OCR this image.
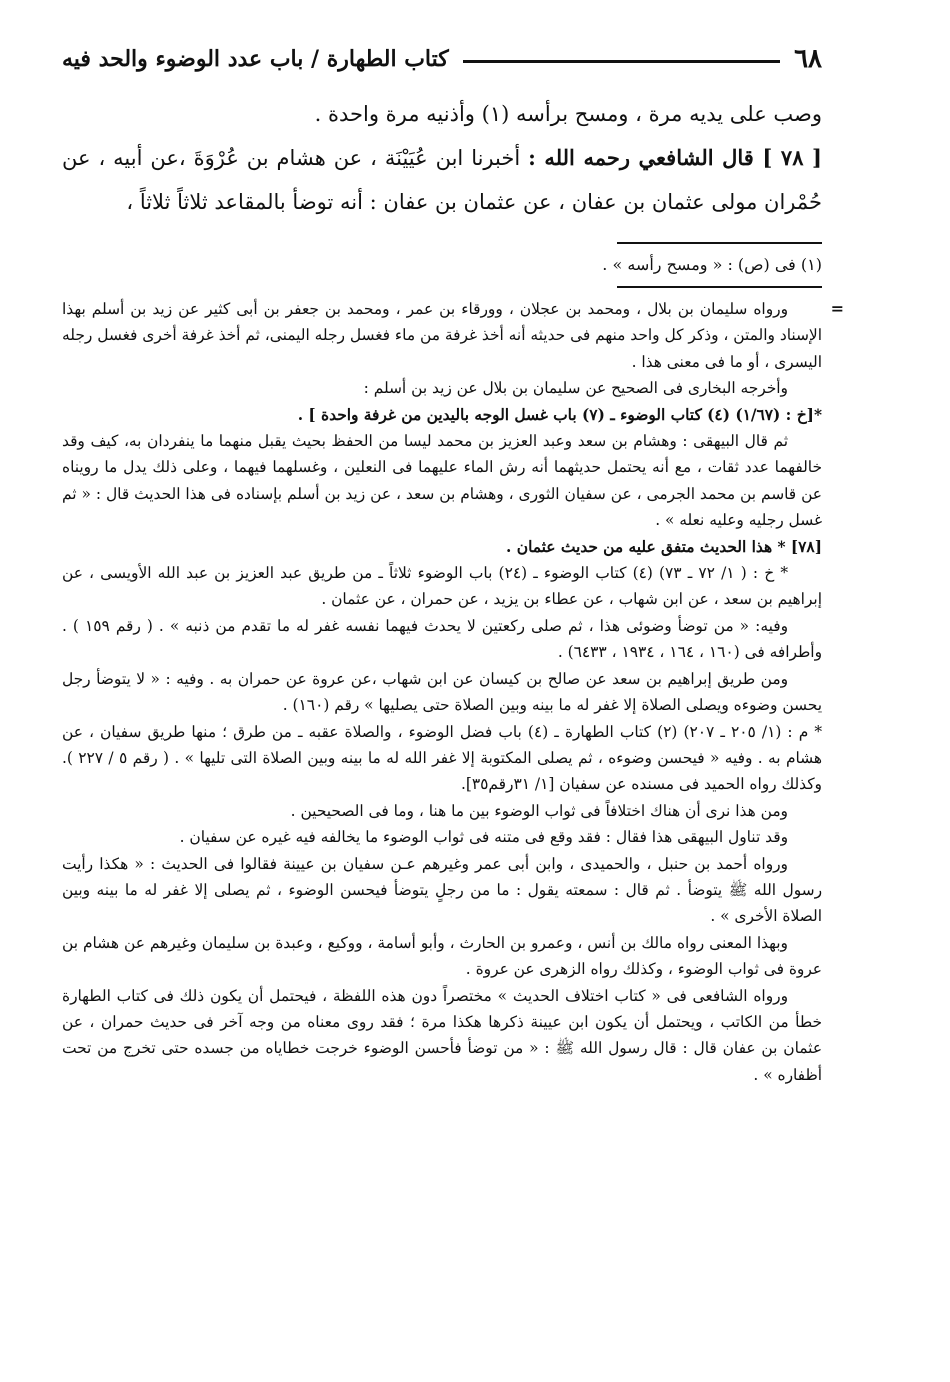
٦٨
كتاب الطهارة / باب عدد الوضوء والحد فيه

وصب على يديه مرة ، ومسح برأسه (١) وأذنيه مرة واحدة .

[ ٧٨ ] قال الشافعي رحمه الله : أخبرنا ابن عُيَيْنَة ، عن هشام بن عُرْوَةَ ،عن أبيه ، عن حُمْران مولى عثمان بن عفان ، عن عثمان بن عفان : أنه توضأ بالمقاعد ثلاثاً ثلاثاً ،

(١) فى (ص) : « ومسح رأسه » .
=

ورواه سليمان بن بلال ، ومحمد بن عجلان ، وورقاء بن عمر ، ومحمد بن جعفر بن أبى كثير عن زيد بن أسلم بهذا الإسناد والمتن ، وذكر كل واحد منهم فى حديثه أنه أخذ غرفة من ماء فغسل رجله اليمنى، ثم أخذ غرفة أخرى فغسل رجله اليسرى ، أو ما فى معنى هذا .

وأخرجه البخارى فى الصحيح عن سليمان بن بلال عن زيد بن أسلم :

*[خ : (١/٦٧) (٤) كتاب الوضوء ـ (٧) باب غسل الوجه باليدين من غرفة واحدة ] .

ثم قال البيهقى : وهشام بن سعد وعبد العزيز بن محمد ليسا من الحفظ بحيث يقبل منهما ما ينفردان به، كيف وقد خالفهما عدد ثقات ، مع أنه يحتمل حديثهما أنه رش الماء عليهما فى النعلين ، وغسلهما فيهما ، وعلى ذلك يدل ما رويناه عن قاسم بن محمد الجرمى ، عن سفيان الثورى ، وهشام بن سعد ، عن زيد بن أسلم بإسناده فى هذا الحديث قال : « ثم غسل رجليه وعليه نعله » .

[٧٨] * هذا الحديث متفق عليه من حديث عثمان .

* خ : ( ١/ ٧٢ ـ ٧٣) (٤) كتاب الوضوء ـ (٢٤) باب الوضوء ثلاثاً ـ من طريق عبد العزيز بن عبد الله الأويسى ، عن إبراهيم بن سعد ، عن ابن شهاب ، عن عطاء بن يزيد ، عن حمران ، عن عثمان .

وفيه: « من توضأ وضوئى هذا ، ثم صلى ركعتين لا يحدث فيهما نفسه غفر له ما تقدم من ذنبه » . ( رقم ١٥٩ ) . وأطرافه فى (١٦٠ ، ١٦٤ ، ١٩٣٤ ، ٦٤٣٣) .

ومن طريق إبراهيم بن سعد عن صالح بن كيسان عن ابن شهاب ،عن عروة عن حمران به . وفيه : « لا يتوضأ رجل يحسن وضوءه ويصلى الصلاة إلا غفر له ما بينه وبين الصلاة حتى يصليها » رقم (١٦٠) .

* م : (١/ ٢٠٥ ـ ٢٠٧) (٢) كتاب الطهارة ـ (٤) باب فضل الوضوء ، والصلاة عقبه ـ من طرق ؛ منها طريق سفيان ، عن هشام به . وفيه « فيحسن وضوءه ، ثم يصلى المكتوبة إلا غفر الله له ما بينه وبين الصلاة التى تليها » . ( رقم ٥ / ٢٢٧ ). وكذلك رواه الحميد فى مسنده عن سفيان [١/ ٣١رقم٣٥].

ومن هذا نرى أن هناك اختلافاً فى ثواب الوضوء بين ما هنا ، وما فى الصحيحين .

وقد تناول البيهقى هذا فقال : فقد وقع فى متنه فى ثواب الوضوء ما يخالفه فيه غيره عن سفيان .

ورواه أحمد بن حنبل ، والحميدى ، وابن أبى عمر وغيرهم عـن سفيان بن عيينة فقالوا فى الحديث : « هكذا رأيت رسول الله ﷺ يتوضأ . ثم قال : سمعته يقول : ما من رجلٍ يتوضأ فيحسن الوضوء ، ثم يصلى إلا غفر له ما بينه وبين الصلاة الأخرى » .

وبهذا المعنى رواه مالك بن أنس ، وعمرو بن الحارث ، وأبو أسامة ، ووكيع ، وعبدة بن سليمان وغيرهم عن هشام بن عروة فى ثواب الوضوء ، وكذلك رواه الزهرى عن عروة .

ورواه الشافعى فى « كتاب اختلاف الحديث » مختصراً دون هذه اللفظة ، فيحتمل أن يكون ذلك فى كتاب الطهارة خطأ من الكاتب ، ويحتمل أن يكون ابن عيينة ذكرها هكذا مرة ؛ فقد روى معناه من وجه آخر فى حديث حمران ، عن عثمان بن عفان قال : قال رسول الله ﷺ : « من توضأ فأحسن الوضوء خرجت خطاياه من جسده حتى تخرج من تحت أظفاره » .
